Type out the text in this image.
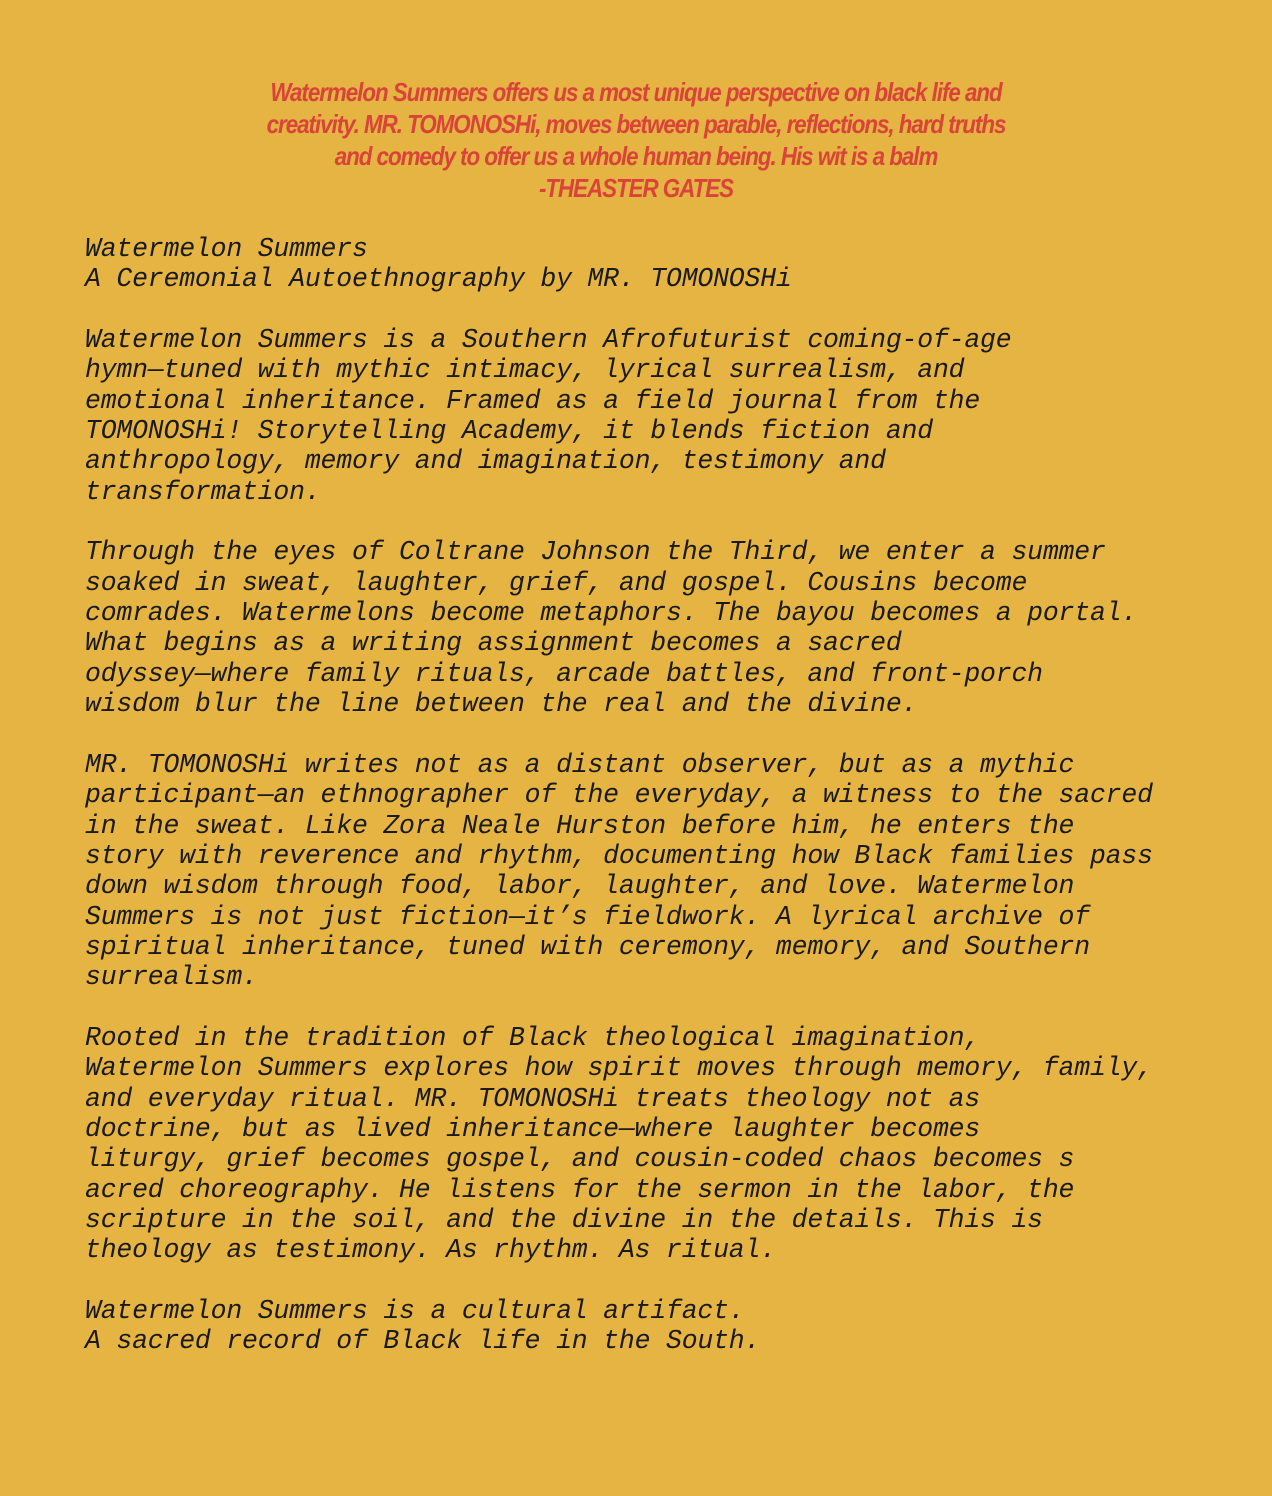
Watermelon Summers offers us a most unique perspective on black life and
creativity. MR. TOMONOSHi, moves between parable, reflections, hard truths
and comedy to offer us a whole human being. His wit is a balm
-THEASTER GATES
Watermelon Summers
A Ceremonial Autoethnography by MR. TOMONOSHi
Watermelon Summers is a Southern Afrofuturist coming-of-age
hymn—tuned with mythic intimacy, lyrical surrealism, and
emotional inheritance. Framed as a field journal from the
TOMONOSHi! Storytelling Academy, it blends fiction and
anthropology, memory and imagination, testimony and
transformation.
Through the eyes of Coltrane Johnson the Third, we enter a summer
soaked in sweat, laughter, grief, and gospel. Cousins become
comrades. Watermelons become metaphors. The bayou becomes a portal.
What begins as a writing assignment becomes a sacred
odyssey—where family rituals, arcade battles, and front-porch
wisdom blur the line between the real and the divine.
MR. TOMONOSHi writes not as a distant observer, but as a mythic
participant—an ethnographer of the everyday, a witness to the sacred
in the sweat. Like Zora Neale Hurston before him, he enters the
story with reverence and rhythm, documenting how Black families pass
down wisdom through food, labor, laughter, and love. Watermelon
Summers is not just fiction—it’s fieldwork. A lyrical archive of
spiritual inheritance, tuned with ceremony, memory, and Southern
surrealism.
Rooted in the tradition of Black theological imagination,
Watermelon Summers explores how spirit moves through memory, family,
and everyday ritual. MR. TOMONOSHi treats theology not as
doctrine, but as lived inheritance—where laughter becomes
liturgy, grief becomes gospel, and cousin-coded chaos becomes s
acred choreography. He listens for the sermon in the labor, the
scripture in the soil, and the divine in the details. This is
theology as testimony. As rhythm. As ritual.
Watermelon Summers is a cultural artifact.
A sacred record of Black life in the South.
